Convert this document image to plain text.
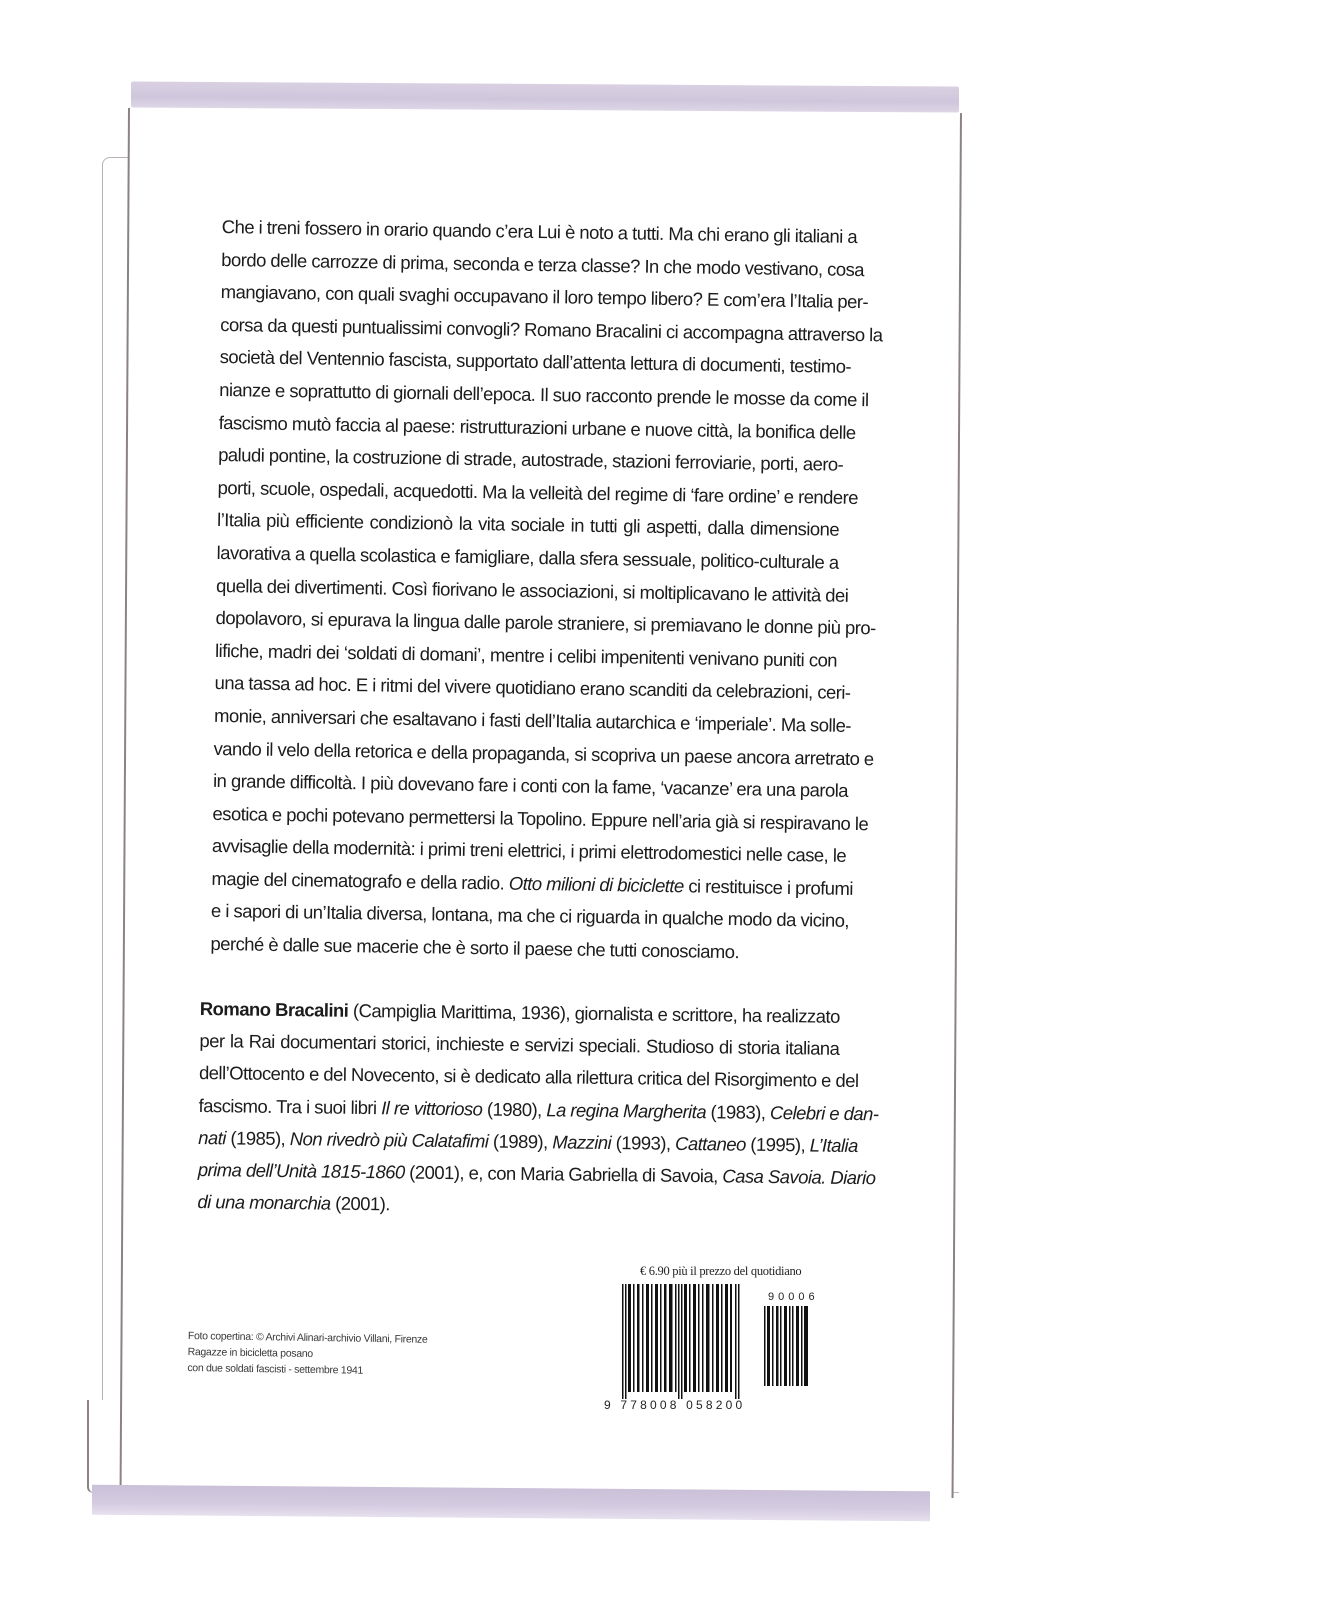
Che i treni fossero in orario quando c’era Lui è noto a tutti. Ma chi erano gli italiani a
bordo delle carrozze di prima, seconda e terza classe? In che modo vestivano, cosa
mangiavano, con quali svaghi occupavano il loro tempo libero? E com’era l’Italia per-
corsa da questi puntualissimi convogli? Romano Bracalini ci accompagna attraverso la
società del Ventennio fascista, supportato dall’attenta lettura di documenti, testimo-
nianze e soprattutto di giornali dell’epoca. Il suo racconto prende le mosse da come il
fascismo mutò faccia al paese: ristrutturazioni urbane e nuove città, la bonifica delle
paludi pontine, la costruzione di strade, autostrade, stazioni ferroviarie, porti, aero-
porti, scuole, ospedali, acquedotti. Ma la velleità del regime di ‘fare ordine’ e rendere
l’Italia più efficiente condizionò la vita sociale in tutti gli aspetti, dalla dimensione
lavorativa a quella scolastica e famigliare, dalla sfera sessuale, politico-culturale a
quella dei divertimenti. Così fiorivano le associazioni, si moltiplicavano le attività dei
dopolavoro, si epurava la lingua dalle parole straniere, si premiavano le donne più pro-
lifiche, madri dei ‘soldati di domani’, mentre i celibi impenitenti venivano puniti con
una tassa ad hoc. E i ritmi del vivere quotidiano erano scanditi da celebrazioni, ceri-
monie, anniversari che esaltavano i fasti dell’Italia autarchica e ‘imperiale’. Ma solle-
vando il velo della retorica e della propaganda, si scopriva un paese ancora arretrato e
in grande difficoltà. I più dovevano fare i conti con la fame, ‘vacanze’ era una parola
esotica e pochi potevano permettersi la Topolino. Eppure nell’aria già si respiravano le
avvisaglie della modernità: i primi treni elettrici, i primi elettrodomestici nelle case, le
magie del cinematografo e della radio. Otto milioni di biciclette ci restituisce i profumi
e i sapori di un’Italia diversa, lontana, ma che ci riguarda in qualche modo da vicino,
perché è dalle sue macerie che è sorto il paese che tutti conosciamo.
Romano Bracalini (Campiglia Marittima, 1936), giornalista e scrittore, ha realizzato
per la Rai documentari storici, inchieste e servizi speciali. Studioso di storia italiana
dell’Ottocento e del Novecento, si è dedicato alla rilettura critica del Risorgimento e del
fascismo. Tra i suoi libri Il re vittorioso (1980), La regina Margherita (1983), Celebri e dan-
nati (1985), Non rivedrò più Calatafimi (1989), Mazzini (1993), Cattaneo (1995), L’Italia
prima dell’Unità 1815-1860 (2001), e, con Maria Gabriella di Savoia, Casa Savoia. Diario
di una monarchia (2001).
Foto copertina: © Archivi Alinari-archivio Villani, Firenze
Ragazze in bicicletta posano
con due soldati fascisti - settembre 1941
€ 6.90 più il prezzo del quotidiano
9 778008 058200
90006
